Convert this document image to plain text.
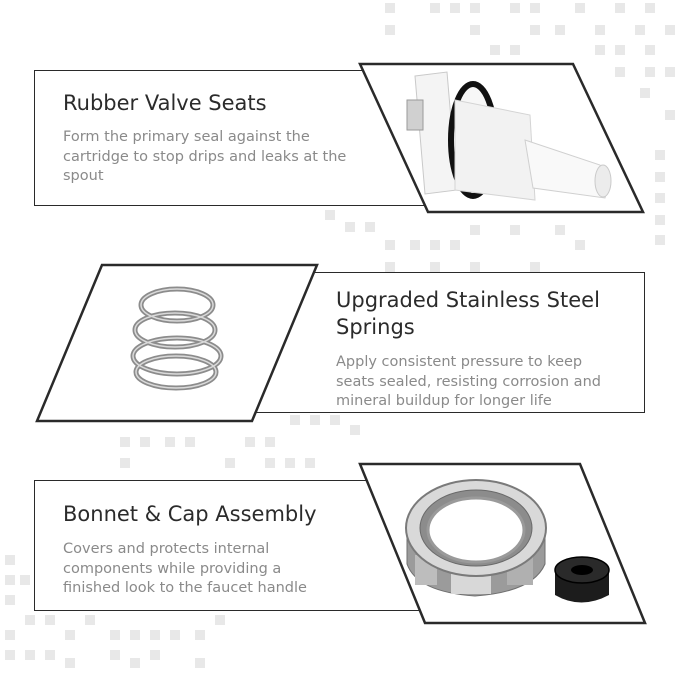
Rubber Valve Seats

Form the primary seal against the cartridge to stop drips and leaks at the spout

Upgraded Stainless Steel Springs

Apply consistent pressure to keep seats sealed, resisting corrosion and mineral buildup for longer life

Bonnet & Cap Assembly

Covers and protects internal components while providing a finished look to the faucet handle
